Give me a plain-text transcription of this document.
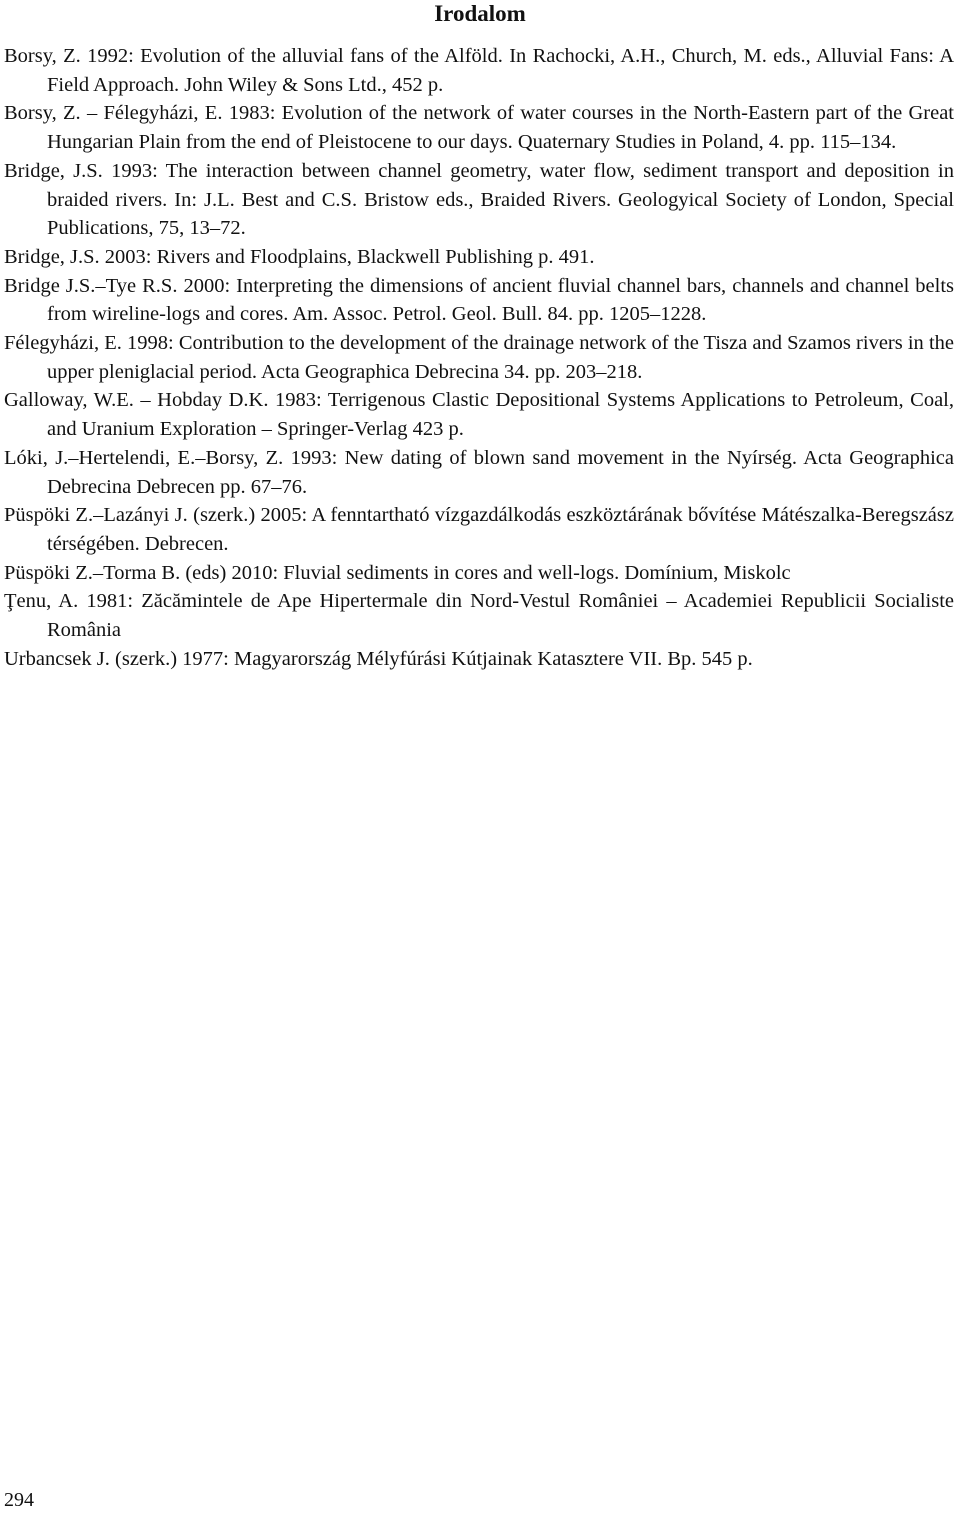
Irodalom
Borsy, Z. 1992: Evolution of the alluvial fans of the Alföld. In Rachocki, A.H., Church, M. eds., Alluvial Fans: A Field Approach. John Wiley & Sons Ltd., 452 p.
Borsy, Z. – Félegyházi, E. 1983: Evolution of the network of water courses in the North-Eastern part of the Great Hungarian Plain from the end of Pleistocene to our days. Quaternary Studies in Poland, 4. pp. 115–134.
Bridge, J.S. 1993: The interaction between channel geometry, water flow, sediment transport and deposition in braided rivers. In: J.L. Best and C.S. Bristow eds., Braided Rivers. Geologyical Society of London, Special Publications, 75, 13–72.
Bridge, J.S. 2003: Rivers and Floodplains, Blackwell Publishing p. 491.
Bridge J.S.–Tye R.S. 2000: Interpreting the dimensions of ancient fluvial channel bars, channels and channel belts from wireline-logs and cores. Am. Assoc. Petrol. Geol. Bull. 84. pp. 1205–1228.
Félegyházi, E. 1998: Contribution to the development of the drainage network of the Tisza and Szamos rivers in the upper pleniglacial period. Acta Geographica Debrecina 34. pp. 203–218.
Galloway, W.E. – Hobday D.K. 1983: Terrigenous Clastic Depositional Systems Applications to Petroleum, Coal, and Uranium Exploration – Springer-Verlag 423 p.
Lóki, J.–Hertelendi, E.–Borsy, Z. 1993: New dating of blown sand movement in the Nyírség. Acta Geographica Debrecina Debrecen pp. 67–76.
Püspöki Z.–Lazányi J. (szerk.) 2005: A fenntartható vízgazdálkodás eszköztárának bővítése Mátészalka-Beregszász térségében. Debrecen.
Püspöki Z.–Torma B. (eds) 2010: Fluvial sediments in cores and well-logs. Domínium, Miskolc
Ţenu, A. 1981: Zăcămintele de Ape Hipertermale din Nord-Vestul României – Academiei Republicii Socialiste România
Urbancsek J. (szerk.) 1977: Magyarország Mélyfúrási Kútjainak Katasztere VII. Bp. 545 p.
294
